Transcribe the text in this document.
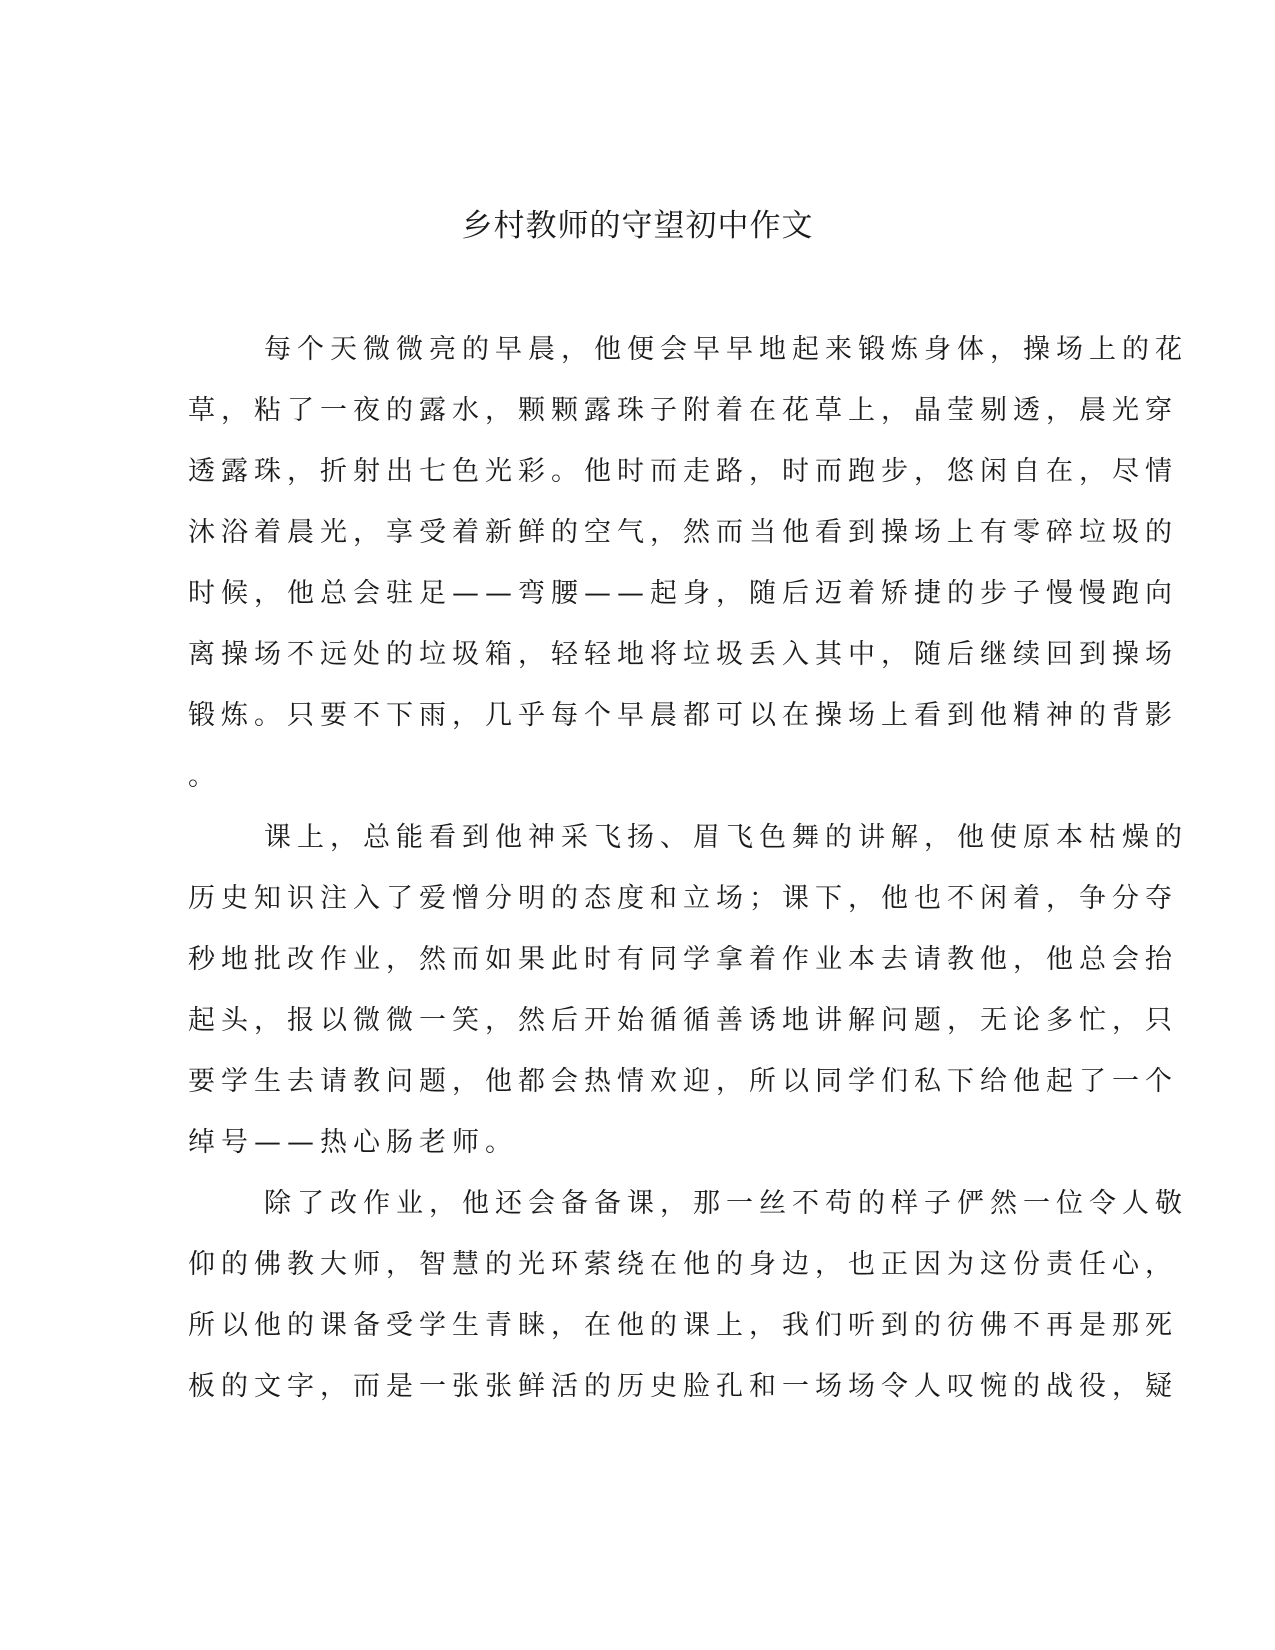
乡村教师的守望初中作文
每个天微微亮的早晨，他便会早早地起来锻炼身体，操场上的花
草，粘了一夜的露水，颗颗露珠子附着在花草上，晶莹剔透，晨光穿
透露珠，折射出七色光彩。他时而走路，时而跑步，悠闲自在，尽情
沐浴着晨光，享受着新鲜的空气，然而当他看到操场上有零碎垃圾的
时候，他总会驻足——弯腰——起身，随后迈着矫捷的步子慢慢跑向
离操场不远处的垃圾箱，轻轻地将垃圾丢入其中，随后继续回到操场
锻炼。只要不下雨，几乎每个早晨都可以在操场上看到他精神的背影
。
课上，总能看到他神采飞扬、眉飞色舞的讲解，他使原本枯燥的
历史知识注入了爱憎分明的态度和立场；课下，他也不闲着，争分夺
秒地批改作业，然而如果此时有同学拿着作业本去请教他，他总会抬
起头，报以微微一笑，然后开始循循善诱地讲解问题，无论多忙，只
要学生去请教问题，他都会热情欢迎，所以同学们私下给他起了一个
绰号——热心肠老师。
除了改作业，他还会备备课，那一丝不苟的样子俨然一位令人敬
仰的佛教大师，智慧的光环萦绕在他的身边，也正因为这份责任心，
所以他的课备受学生青睐，在他的课上，我们听到的彷佛不再是那死
板的文字，而是一张张鲜活的历史脸孔和一场场令人叹惋的战役，疑
